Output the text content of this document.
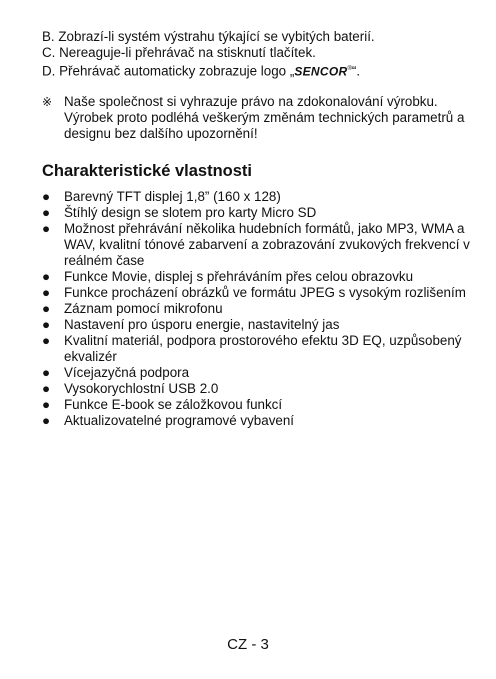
B. Zobrazí-li systém výstrahu týkající se vybitých baterií.
C. Nereaguje-li přehrávač na stisknutí tlačítek.
D. Přehrávač automaticky zobrazuje logo „SENCOR®“.
※ Naše společnost si vyhrazuje právo na zdokonalování výrobku. Výrobek proto podléhá veškerým změnám technických parametrů a designu bez dalšího upozornění!
Charakteristické vlastnosti
● Barevný TFT displej 1,8” (160 x 128)
● Štíhlý design se slotem pro karty Micro SD
● Možnost přehrávání několika hudebních formátů, jako MP3, WMA a WAV, kvalitní tónové zabarvení a zobrazování zvukových frekvencí v reálném čase
● Funkce Movie, displej s přehráváním přes celou obrazovku
● Funkce procházení obrázků ve formátu JPEG s vysokým rozlišením
● Záznam pomocí mikrofonu
● Nastavení pro úsporu energie, nastavitelný jas
● Kvalitní materiál, podpora prostorového efektu 3D EQ, uzpůsobený ekvalizér
● Vícejazyčná podpora
● Vysokorychlostní USB 2.0
● Funkce E-book se záložkovou funkcí
● Aktualizovatelné programové vybavení
CZ - 3
